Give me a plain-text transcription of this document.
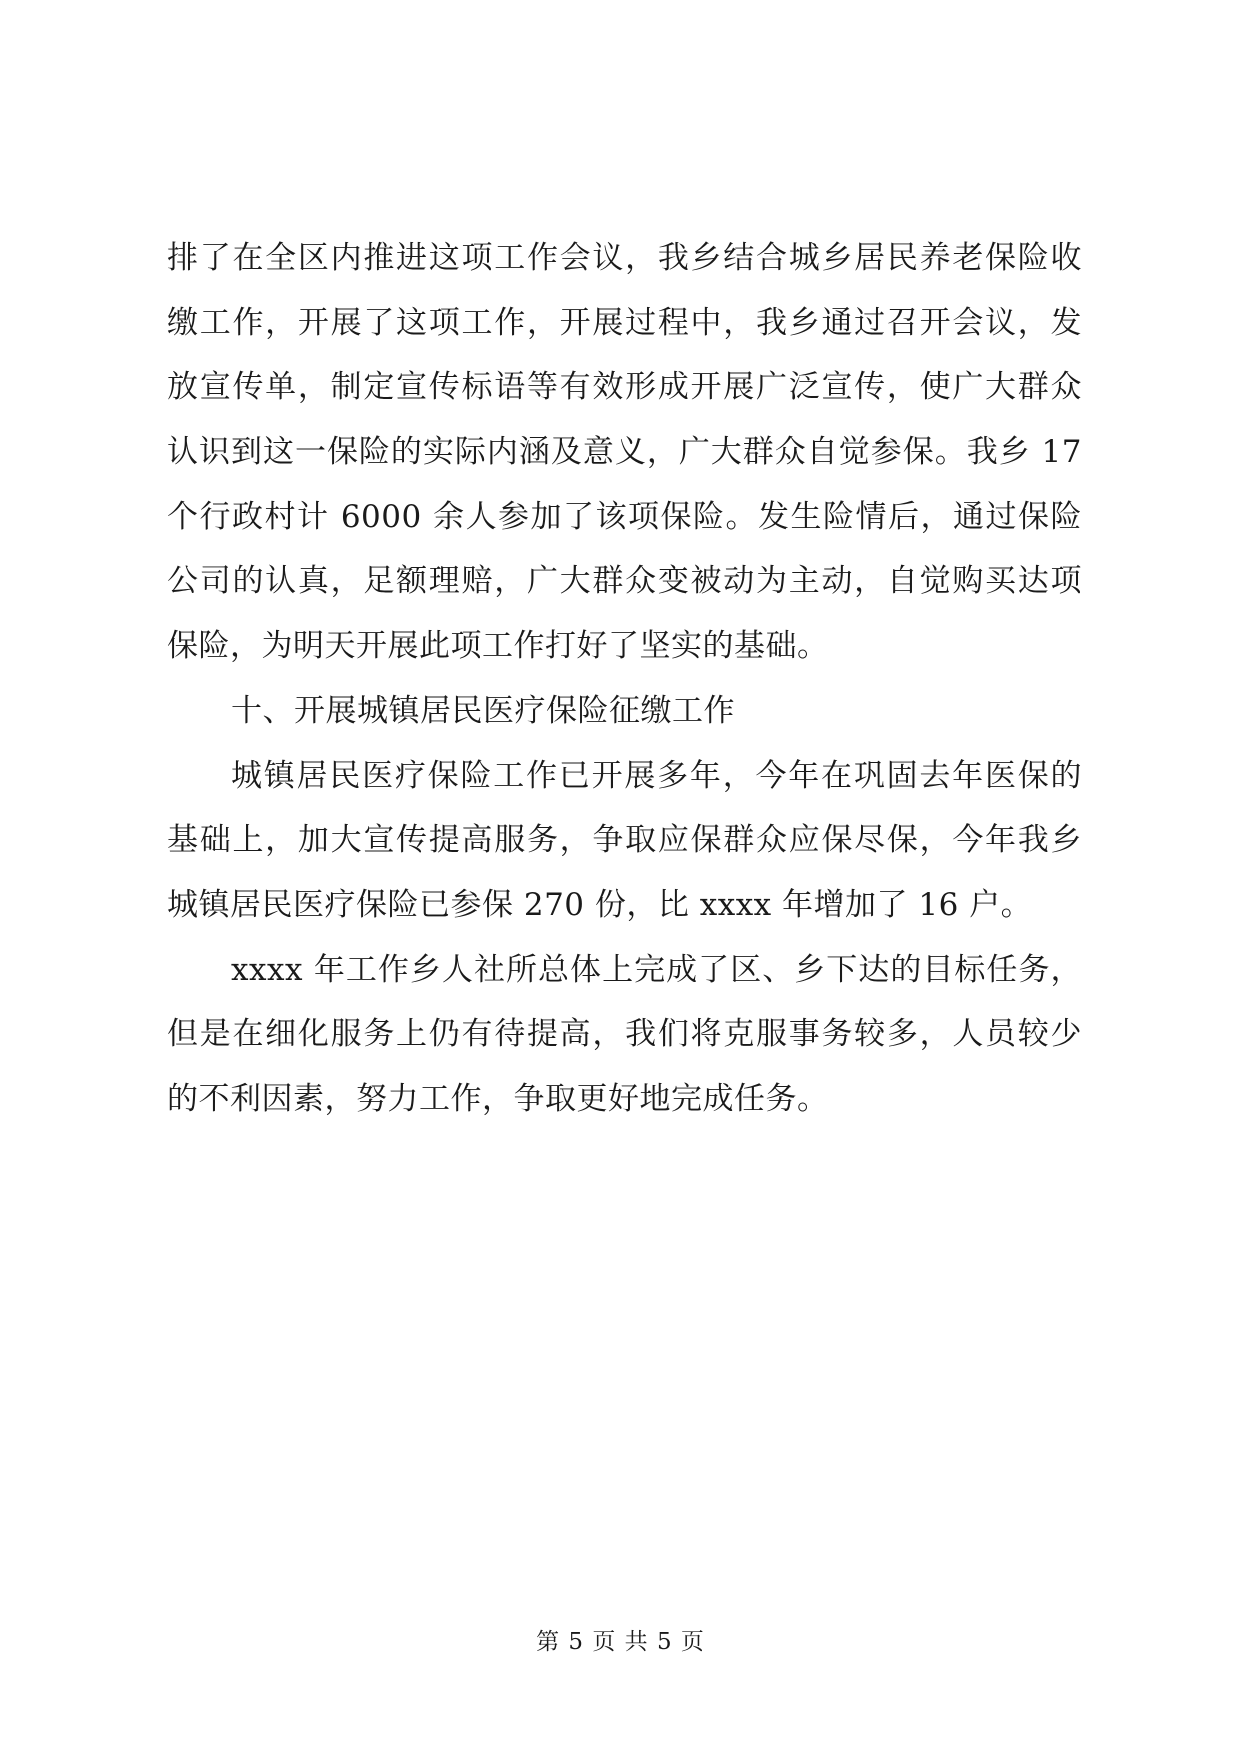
排了在全区内推进这项工作会议，我乡结合城乡居民养老保险收
缴工作，开展了这项工作，开展过程中，我乡通过召开会议，发
放宣传单，制定宣传标语等有效形成开展广泛宣传，使广大群众
认识到这一保险的实际内涵及意义，广大群众自觉参保。我乡 17
个行政村计 6000 余人参加了该项保险。发生险情后，通过保险
公司的认真，足额理赔，广大群众变被动为主动，自觉购买达项
保险，为明天开展此项工作打好了坚实的基础。
十、开展城镇居民医疗保险征缴工作
城镇居民医疗保险工作已开展多年，今年在巩固去年医保的
基础上，加大宣传提高服务，争取应保群众应保尽保，今年我乡
城镇居民医疗保险已参保 270 份，比 xxxx 年增加了 16 户。
xxxx 年工作乡人社所总体上完成了区、乡下达的目标任务，
但是在细化服务上仍有待提高，我们将克服事务较多，人员较少
的不利因素，努力工作，争取更好地完成任务。
第 5 页 共 5 页
